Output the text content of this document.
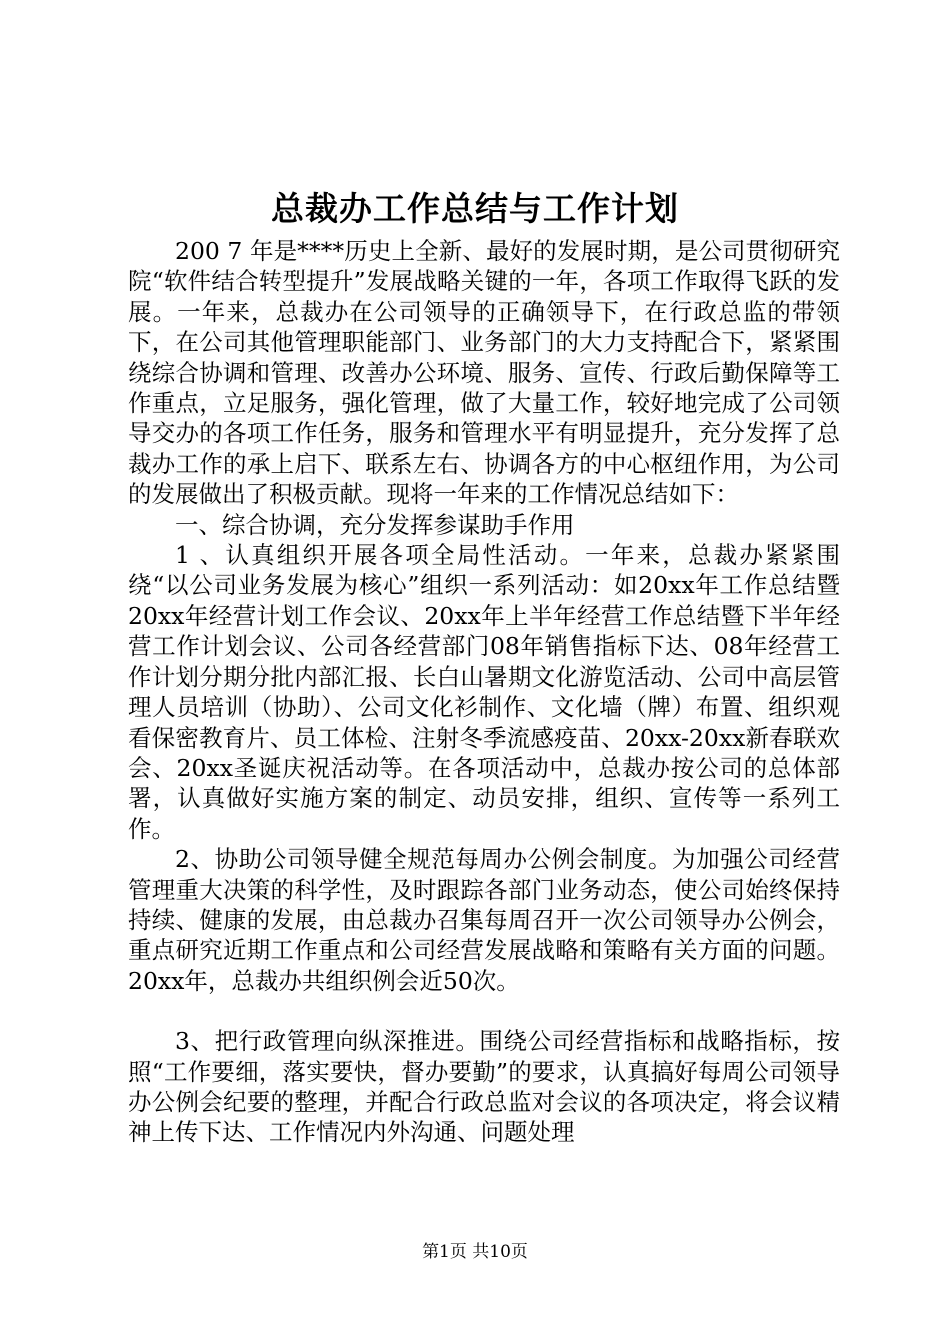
总裁办工作总结与工作计划

200 7 年是****历史上全新、最好的发展时期，是公司贯彻研究院“软件结合转型提升”发展战略关键的一年，各项工作取得飞跃的发展。一年来，总裁办在公司领导的正确领导下，在行政总监的带领下，在公司其他管理职能部门、业务部门的大力支持配合下，紧紧围绕综合协调和管理、改善办公环境、服务、宣传、行政后勤保障等工作重点，立足服务，强化管理，做了大量工作，较好地完成了公司领导交办的各项工作任务，服务和管理水平有明显提升，充分发挥了总裁办工作的承上启下、联系左右、协调各方的中心枢纽作用，为公司的发展做出了积极贡献。现将一年来的工作情况总结如下：

一、综合协调，充分发挥参谋助手作用

1 、认真组织开展各项全局性活动。一年来，总裁办紧紧围绕“以公司业务发展为核心”组织一系列活动：如20xx年工作总结暨20xx年经营计划工作会议、20xx年上半年经营工作总结暨下半年经营工作计划会议、公司各经营部门08年销售指标下达、08年经营工作计划分期分批内部汇报、长白山暑期文化游览活动、公司中高层管理人员培训（协助）、公司文化衫制作、文化墙（牌）布置、组织观看保密教育片、员工体检、注射冬季流感疫苗、20xx-20xx新春联欢会、20xx圣诞庆祝活动等。在各项活动中，总裁办按公司的总体部署，认真做好实施方案的制定、动员安排，组织、宣传等一系列工作。

2、协助公司领导健全规范每周办公例会制度。为加强公司经营管理重大决策的科学性，及时跟踪各部门业务动态，使公司始终保持持续、健康的发展，由总裁办召集每周召开一次公司领导办公例会，重点研究近期工作重点和公司经营发展战略和策略有关方面的问题。20xx年，总裁办共组织例会近50次。

3、把行政管理向纵深推进。围绕公司经营指标和战略指标，按照“工作要细，落实要快，督办要勤”的要求，认真搞好每周公司领导办公例会纪要的整理，并配合行政总监对会议的各项决定，将会议精神上传下达、工作情况内外沟通、问题处理

第1页 共10页
